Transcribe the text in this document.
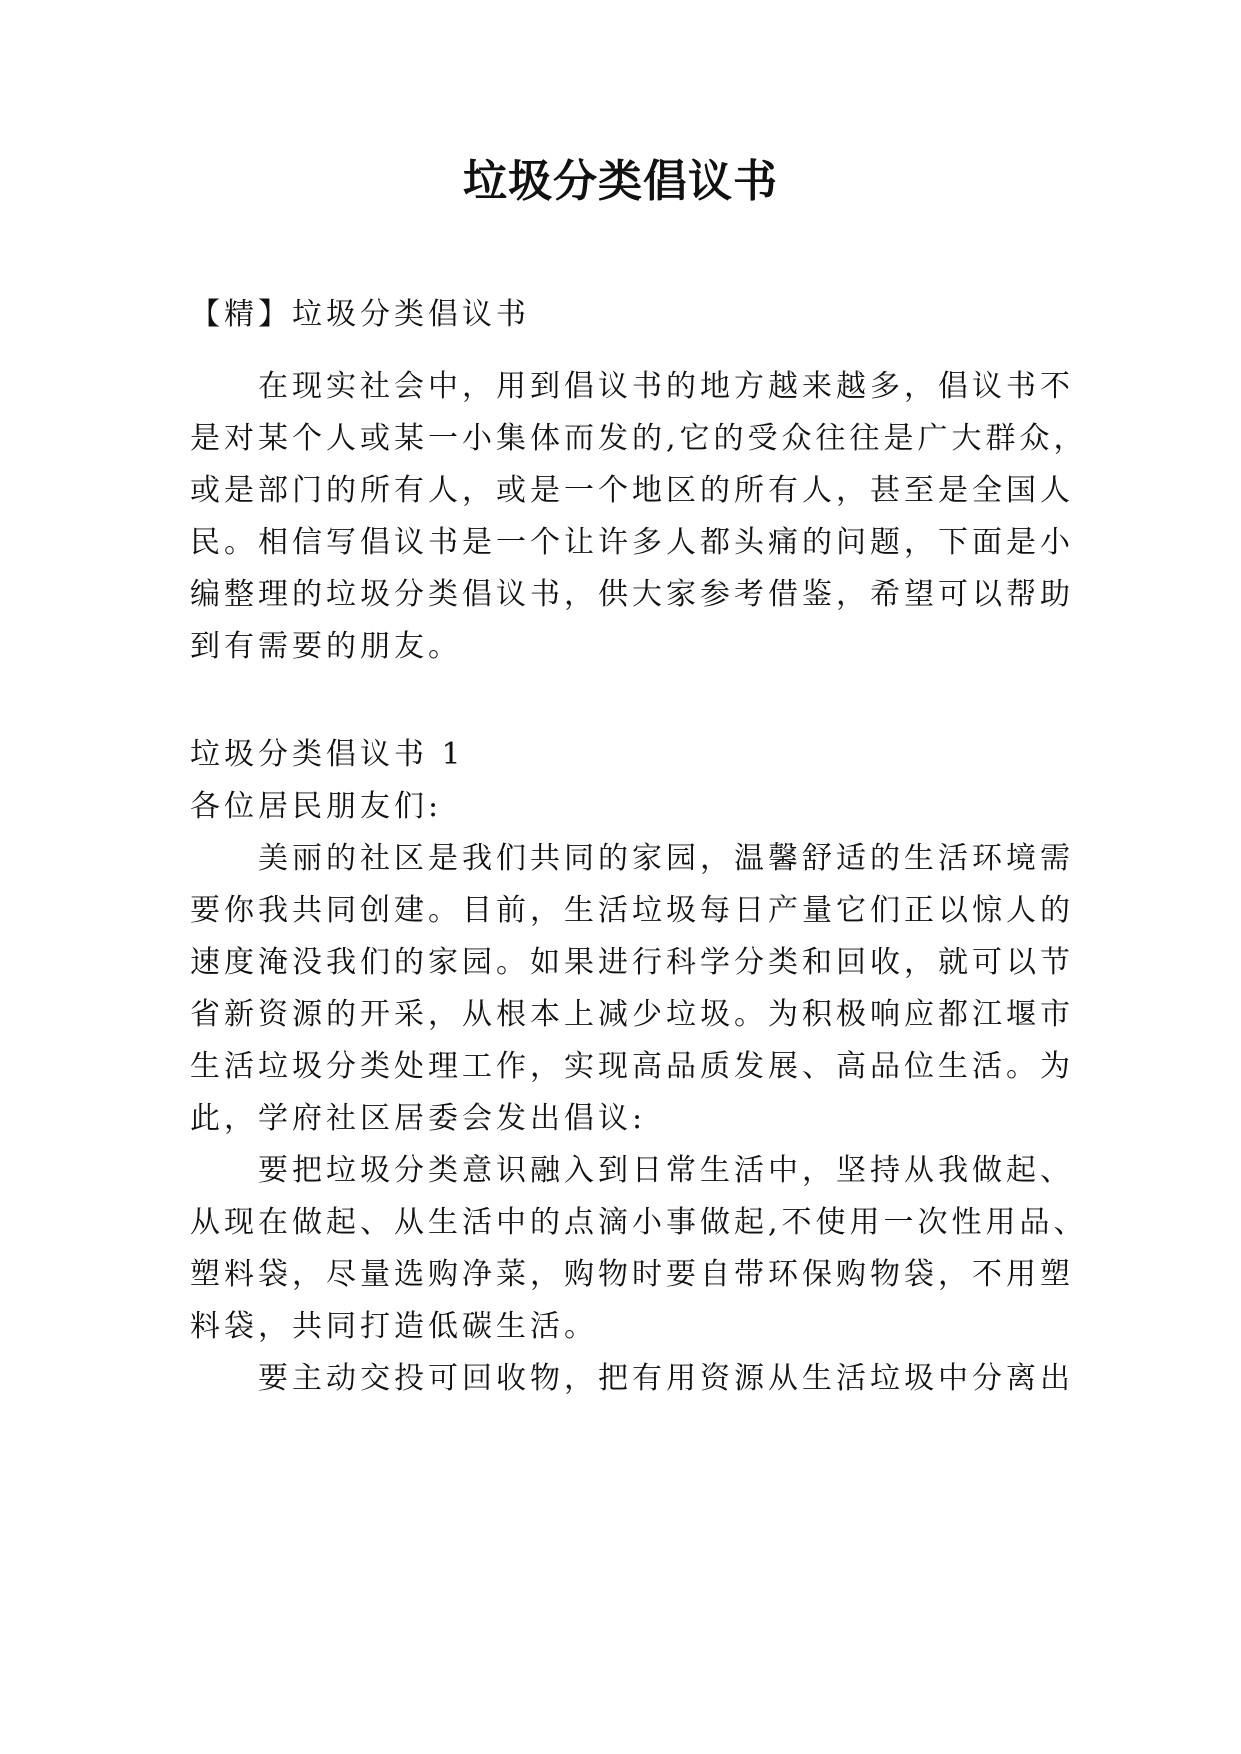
垃圾分类倡议书
【精】垃圾分类倡议书
在现实社会中，用到倡议书的地方越来越多，倡议书不
是对某个人或某一小集体而发的,它的受众往往是广大群众，
或是部门的所有人，或是一个地区的所有人，甚至是全国人
民。相信写倡议书是一个让许多人都头痛的问题，下面是小
编整理的垃圾分类倡议书，供大家参考借鉴，希望可以帮助
到有需要的朋友。
垃圾分类倡议书 1
各位居民朋友们:
美丽的社区是我们共同的家园，温馨舒适的生活环境需
要你我共同创建。目前，生活垃圾每日产量它们正以惊人的
速度淹没我们的家园。如果进行科学分类和回收，就可以节
省新资源的开采，从根本上减少垃圾。为积极响应都江堰市
生活垃圾分类处理工作，实现高品质发展、高品位生活。为
此，学府社区居委会发出倡议:
要把垃圾分类意识融入到日常生活中，坚持从我做起、
从现在做起、从生活中的点滴小事做起,不使用一次性用品、
塑料袋，尽量选购净菜，购物时要自带环保购物袋，不用塑
料袋，共同打造低碳生活。
要主动交投可回收物，把有用资源从生活垃圾中分离出
